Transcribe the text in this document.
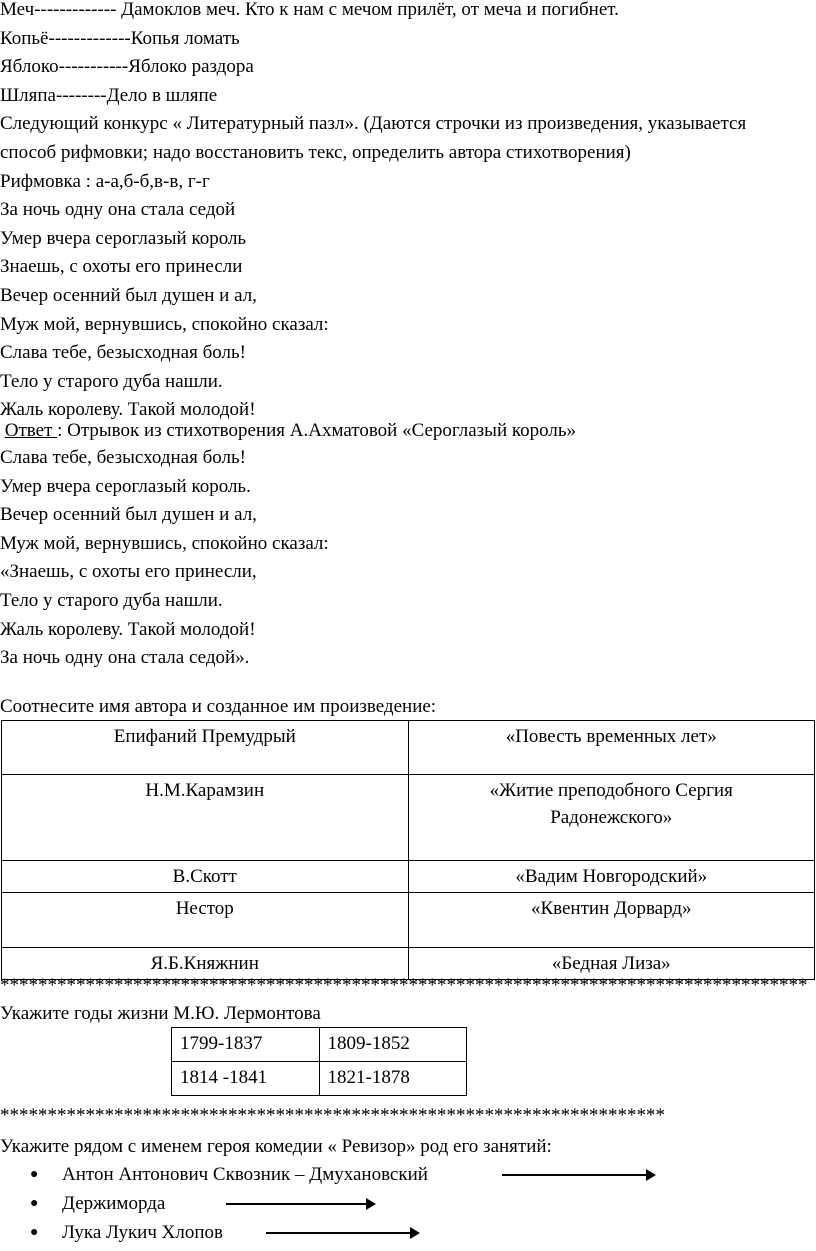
Меч------------- Дамоклов меч. Кто к нам с мечом прилёт, от меча и погибнет.
Копьё-------------Копья ломать
Яблоко-----------Яблоко раздора
Шляпа--------Дело в шляпе
Следующий конкурс « Литературный пазл». (Даются строчки из произведения, указывается
способ рифмовки; надо восстановить текс, определить автора стихотворения)
Рифмовка : а-а,б-б,в-в, г-г
За ночь одну она стала седой
Умер вчера сероглазый король
Знаешь, с охоты его принесли
Вечер осенний был душен и ал,
Муж мой, вернувшись, спокойно сказал:
Слава тебе, безысходная боль!
Тело у старого дуба нашли.
Жаль королеву. Такой молодой!
Ответ : Отрывок из стихотворения А.Ахматовой «Сероглазый король»
Слава тебе, безысходная боль!
Умер вчера сероглазый король.
Вечер осенний был душен и ал,
Муж мой, вернувшись, спокойно сказал:
«Знаешь, с охоты его принесли,
Тело у старого дуба нашли.
Жаль королеву. Такой молодой!
За ночь одну она стала седой».
Соотнесите имя автора и созданное им произведение:
Епифаний Премудрый	«Повесть временных лет»
Н.М.Карамзин	«Житие преподобного Сергия Радонежского»

В.Скотт	«Вадим Новгородский»
Нестор	«Квентин Дорвард»
Я.Б.Княжнин	«Бедная Лиза»
*************************************************************************************
Укажите годы жизни М.Ю. Лермонтова
1799-1837	1809-1852
1814 -1841	1821-1878
**********************************************************************
Укажите рядом с именем героя комедии « Ревизор» род его занятий:
● Антон Антонович Сквозник – Дмухановский
● Держиморда
● Лука Лукич Хлопов
